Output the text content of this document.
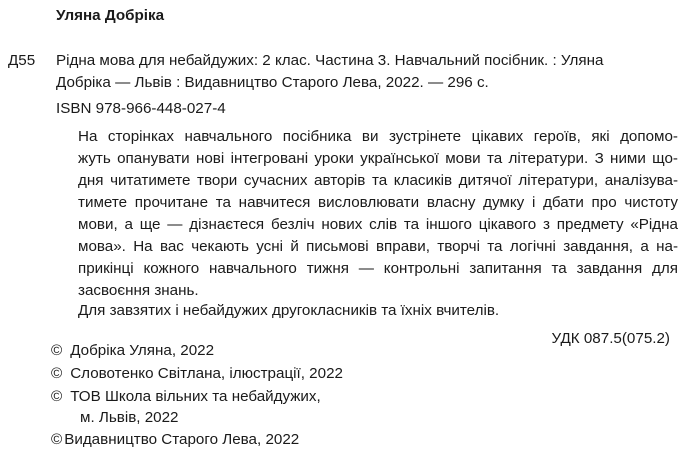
Уляна Добріка
Д55 Рідна мова для небайдужих: 2 клас. Частина 3. Навчальний посібник. : Уляна
Добріка — Львів : Видавництво Старого Лева, 2022. — 296 с.
ISBN 978-966-448-027-4
На сторінках навчального посібника ви зустрінете цікавих героїв, які допомо-
жуть опанувати нові інтегровані уроки української мови та літератури. З ними що-
дня читатимете твори сучасних авторів та класиків дитячої літератури, аналізува-
тимете прочитане та навчитеся висловлювати власну думку і дбати про чистоту
мови, а ще — дізнаєтеся безліч нових слів та іншого цікавого з предмету «Рідна
мова». На вас чекають усні й письмові вправи, творчі та логічні завдання, а на-
прикінці кожного навчального тижня — контрольні запитання та завдання для
засвоєння знань.
Для завзятих і небайдужих другокласників та їхніх вчителів.
УДК 087.5(075.2)
© Добріка Уляна, 2022
© Словотенко Світлана, ілюстрації, 2022
© ТОВ Школа вільних та небайдужих,
м. Львів, 2022
© Видавництво Старого Лева, 2022
